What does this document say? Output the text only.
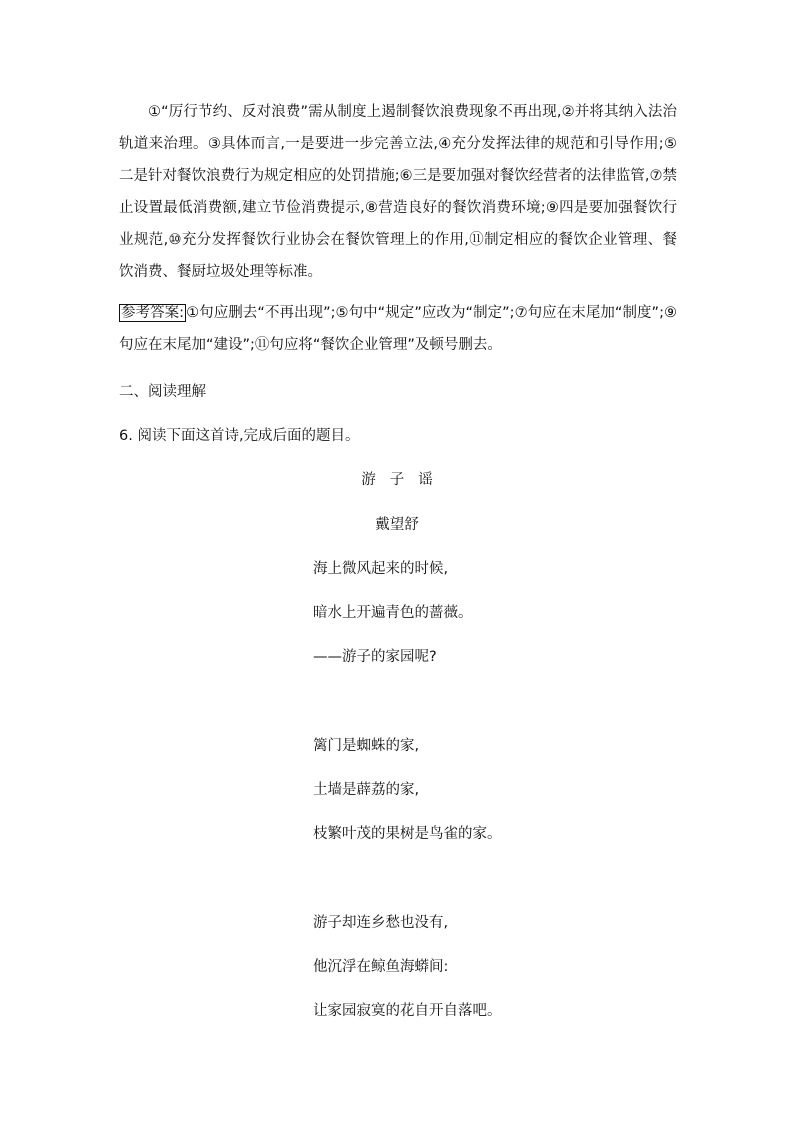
①“厉行节约、反对浪费”需从制度上遏制餐饮浪费现象不再出现,②并将其纳入法治轨道来治理。③具体而言,一是要进一步完善立法,④充分发挥法律的规范和引导作用;⑤二是针对餐饮浪费行为规定相应的处罚措施;⑥三是要加强对餐饮经营者的法律监管,⑦禁止设置最低消费额,建立节俭消费提示,⑧营造良好的餐饮消费环境;⑨四是要加强餐饮行业规范,⑩充分发挥餐饮行业协会在餐饮管理上的作用,⑪制定相应的餐饮企业管理、餐饮消费、餐厨垃圾处理等标准。

参考答案: ①句应删去“不再出现”;⑤句中“规定”应改为“制定”;⑦句应在末尾加“制度”;⑨句应在末尾加“建设”;⑪句应将“餐饮企业管理”及顿号删去。

二、阅读理解

6. 阅读下面这首诗,完成后面的题目。

游子谣

戴望舒

海上微风起来的时候,

暗水上开遍青色的蔷薇。

——游子的家园呢?

篱门是蜘蛛的家,

土墙是薜荔的家,

枝繁叶茂的果树是鸟雀的家。

游子却连乡愁也没有,

他沉浮在鲸鱼海蟒间:

让家园寂寞的花自开自落吧。
